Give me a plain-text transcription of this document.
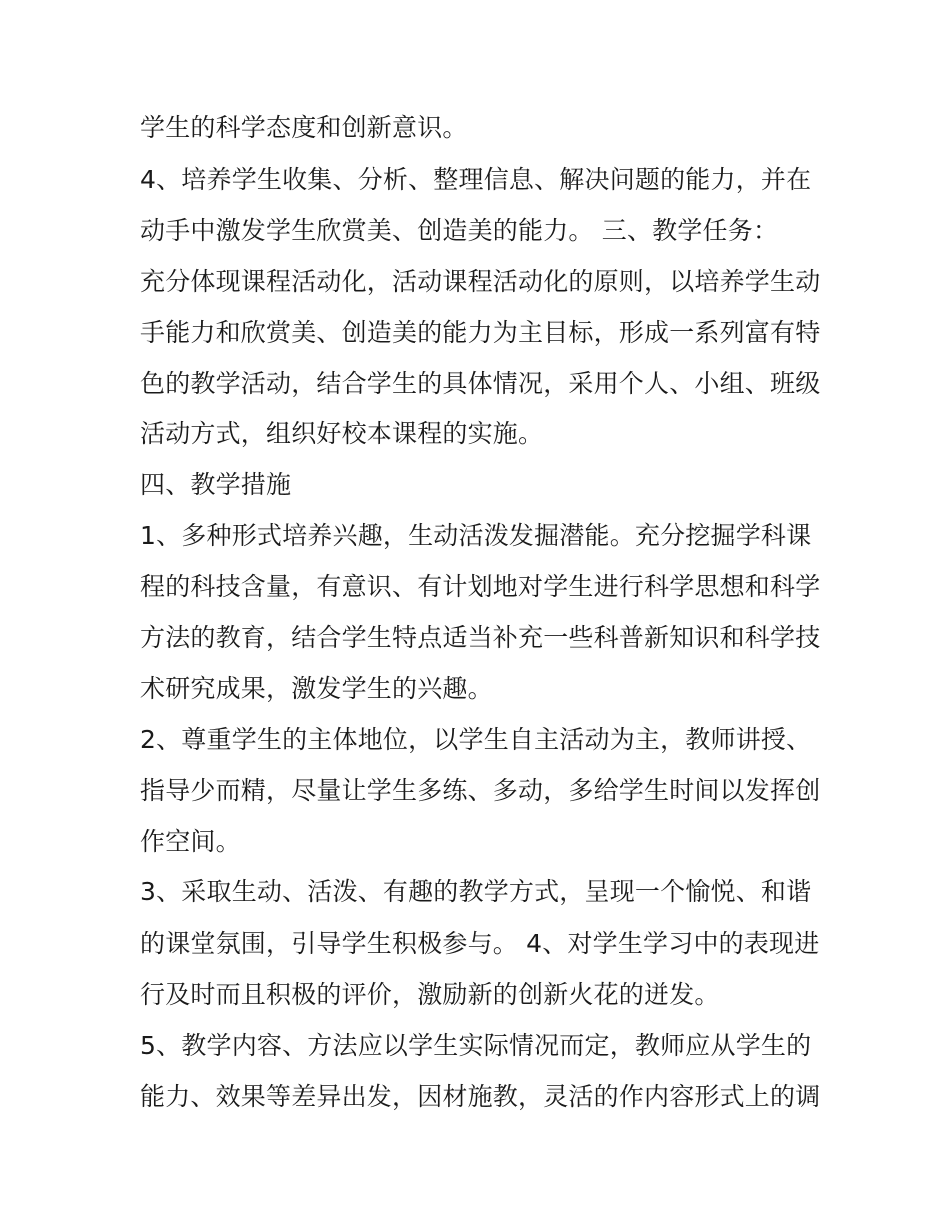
学生的科学态度和创新意识。
4、培养学生收集、分析、整理信息、解决问题的能力，并在
动手中激发学生欣赏美、创造美的能力。 三、教学任务：
充分体现课程活动化，活动课程活动化的原则，以培养学生动
手能力和欣赏美、创造美的能力为主目标，形成一系列富有特
色的教学活动，结合学生的具体情况，采用个人、小组、班级
活动方式，组织好校本课程的实施。
四、教学措施
1、多种形式培养兴趣，生动活泼发掘潜能。充分挖掘学科课
程的科技含量，有意识、有计划地对学生进行科学思想和科学
方法的教育，结合学生特点适当补充一些科普新知识和科学技
术研究成果，激发学生的兴趣。
2、尊重学生的主体地位，以学生自主活动为主，教师讲授、
指导少而精，尽量让学生多练、多动，多给学生时间以发挥创
作空间。
3、采取生动、活泼、有趣的教学方式，呈现一个愉悦、和谐
的课堂氛围，引导学生积极参与。 4、对学生学习中的表现进
行及时而且积极的评价，激励新的创新火花的迸发。
5、教学内容、方法应以学生实际情况而定，教师应从学生的
能力、效果等差异出发，因材施教，灵活的作内容形式上的调
